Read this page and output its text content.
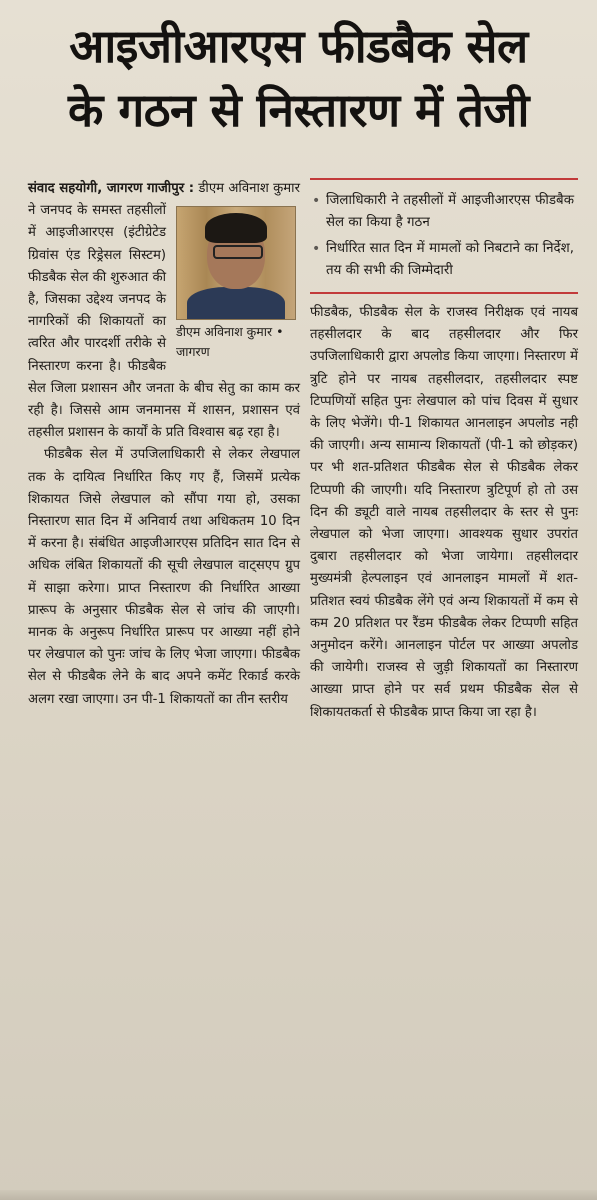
आइजीआरएस फीडबैक सेल
के गठन से निस्तारण में तेजी

संवाद सहयोगी, जागरण गाजीपुर :
डीएम अविनाश कुमार • जागरण
डीएम अविनाश कुमार ने जनपद के समस्त तहसीलों में आइजीआरएस (इंटीग्रेटेड ग्रिवांस एंड रिड्रेसल सिस्टम) फीडबैक सेल की शुरुआत की है, जिसका उद्देश्य जनपद के नागरिकों की शिकायतों का त्वरित और पारदर्शी तरीके से निस्तारण करना है। फीडबैक सेल जिला प्रशासन और जनता के बीच सेतु का काम कर रही है। जिससे आम जनमानस में शासन, प्रशासन एवं तहसील प्रशासन के कार्यों के प्रति विश्वास बढ़ रहा है।

फीडबैक सेल में उपजिलाधिकारी से लेकर लेखपाल तक के दायित्व निर्धारित किए गए हैं, जिसमें प्रत्येक शिकायत जिसे लेखपाल को सौंपा गया हो, उसका निस्तारण सात दिन में अनिवार्य तथा अधिकतम 10 दिन में करना है। संबंधित आइजीआरएस प्रतिदिन सात दिन से अधिक लंबित शिकायतों की सूची लेखपाल वाट्सएप ग्रुप में साझा करेगा। प्राप्त निस्तारण की निर्धारित आख्या प्रारूप के अनुसार फीडबैक सेल से जांच की जाएगी। मानक के अनुरूप निर्धारित प्रारूप पर आख्या नहीं होने पर लेखपाल को पुनः जांच के लिए भेजा जाएगा। फीडबैक सेल से फीडबैक लेने के बाद अपने कमेंट रिकार्ड करके अलग रखा जाएगा। उन पी-1 शिकायतों का तीन स्तरीय

• जिलाधिकारी ने तहसीलों में आइजीआरएस फीडबैक सेल का किया है गठन
• निर्धारित सात दिन में मामलों को निबटाने का निर्देश, तय की सभी की जिम्मेदारी

फीडबैक, फीडबैक सेल के राजस्व निरीक्षक एवं नायब तहसीलदार के बाद तहसीलदार और फिर उपजिलाधिकारी द्वारा अपलोड किया जाएगा। निस्तारण में त्रुटि होने पर नायब तहसीलदार, तहसीलदार स्पष्ट टिप्पणियों सहित पुनः लेखपाल को पांच दिवस में सुधार के लिए भेजेंगे। पी-1 शिकायत आनलाइन अपलोड नही की जाएगी। अन्य सामान्य शिकायतों (पी-1 को छोड़कर) पर भी शत-प्रतिशत फीडबैक सेल से फीडबैक लेकर टिप्पणी की जाएगी। यदि निस्तारण त्रुटिपूर्ण हो तो उस दिन की ड्यूटी वाले नायब तहसीलदार के स्तर से पुनः लेखपाल को भेजा जाएगा। आवश्यक सुधार उपरांत दुबारा तहसीलदार को भेजा जायेगा। तहसीलदार मुख्यमंत्री हेल्पलाइन एवं आनलाइन मामलों में शत-प्रतिशत स्वयं फीडबैक लेंगे एवं अन्य शिकायतों में कम से कम 20 प्रतिशत पर रैंडम फीडबैक लेकर टिप्पणी सहित अनुमोदन करेंगे। आनलाइन पोर्टल पर आख्या अपलोड की जायेगी। राजस्व से जुड़ी शिकायतों का निस्तारण आख्या प्राप्त होने पर सर्व प्रथम फीडबैक सेल से शिकायतकर्ता से फीडबैक प्राप्त किया जा रहा है।
